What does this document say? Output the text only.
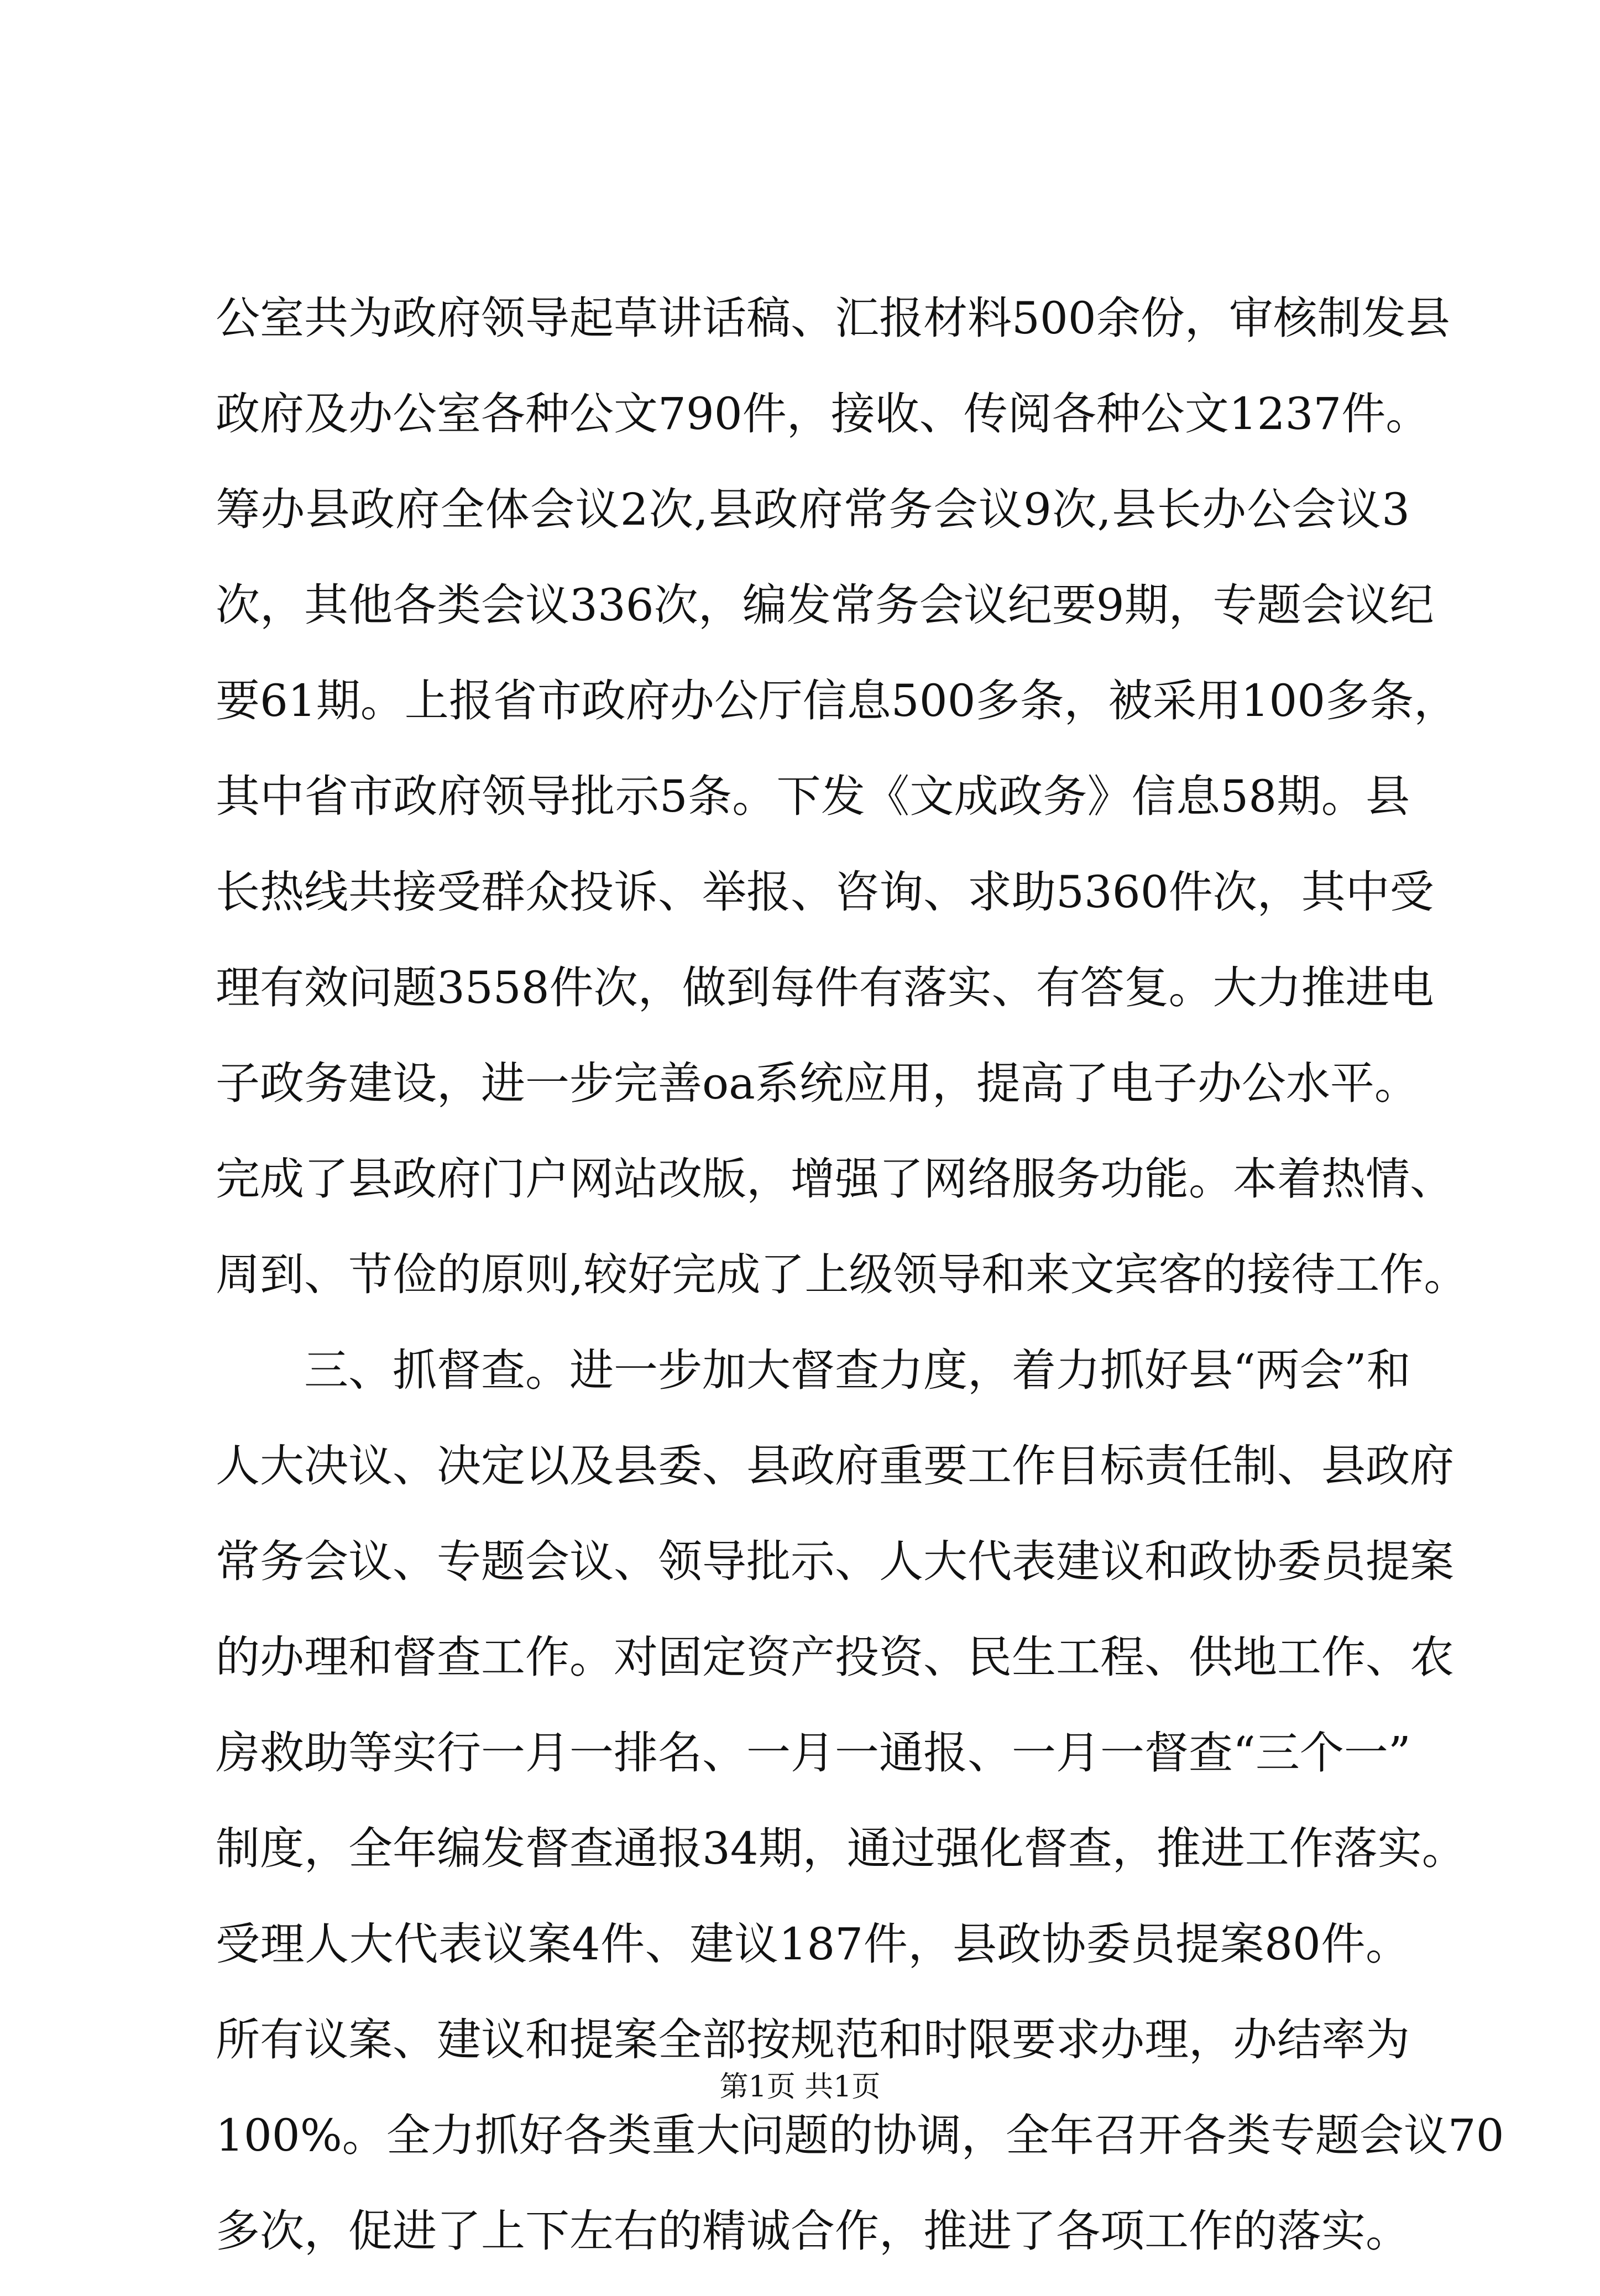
公室共为政府领导起草讲话稿、汇报材料500余份，审核制发县
政府及办公室各种公文790件，接收、传阅各种公文1237件。
筹办县政府全体会议2次,县政府常务会议9次,县长办公会议3
次，其他各类会议336次，编发常务会议纪要9期，专题会议纪
要61期。上报省市政府办公厅信息500多条，被采用100多条，
其中省市政府领导批示5条。下发《文成政务》信息58期。县
长热线共接受群众投诉、举报、咨询、求助5360件次，其中受
理有效问题3558件次，做到每件有落实、有答复。大力推进电
子政务建设，进一步完善oa系统应用，提高了电子办公水平。
完成了县政府门户网站改版，增强了网络服务功能。本着热情、
周到、节俭的原则,较好完成了上级领导和来文宾客的接待工作。
三、抓督查。进一步加大督查力度，着力抓好县“两会”和
人大决议、决定以及县委、县政府重要工作目标责任制、县政府
常务会议、专题会议、领导批示、人大代表建议和政协委员提案
的办理和督查工作。对固定资产投资、民生工程、供地工作、农
房救助等实行一月一排名、一月一通报、一月一督查“三个一”
制度，全年编发督查通报34期，通过强化督查，推进工作落实。
受理人大代表议案4件、建议187件，县政协委员提案80件。
所有议案、建议和提案全部按规范和时限要求办理，办结率为
100%。全力抓好各类重大问题的协调，全年召开各类专题会议70
多次，促进了上下左右的精诚合作，推进了各项工作的落实。
第1页 共1页
